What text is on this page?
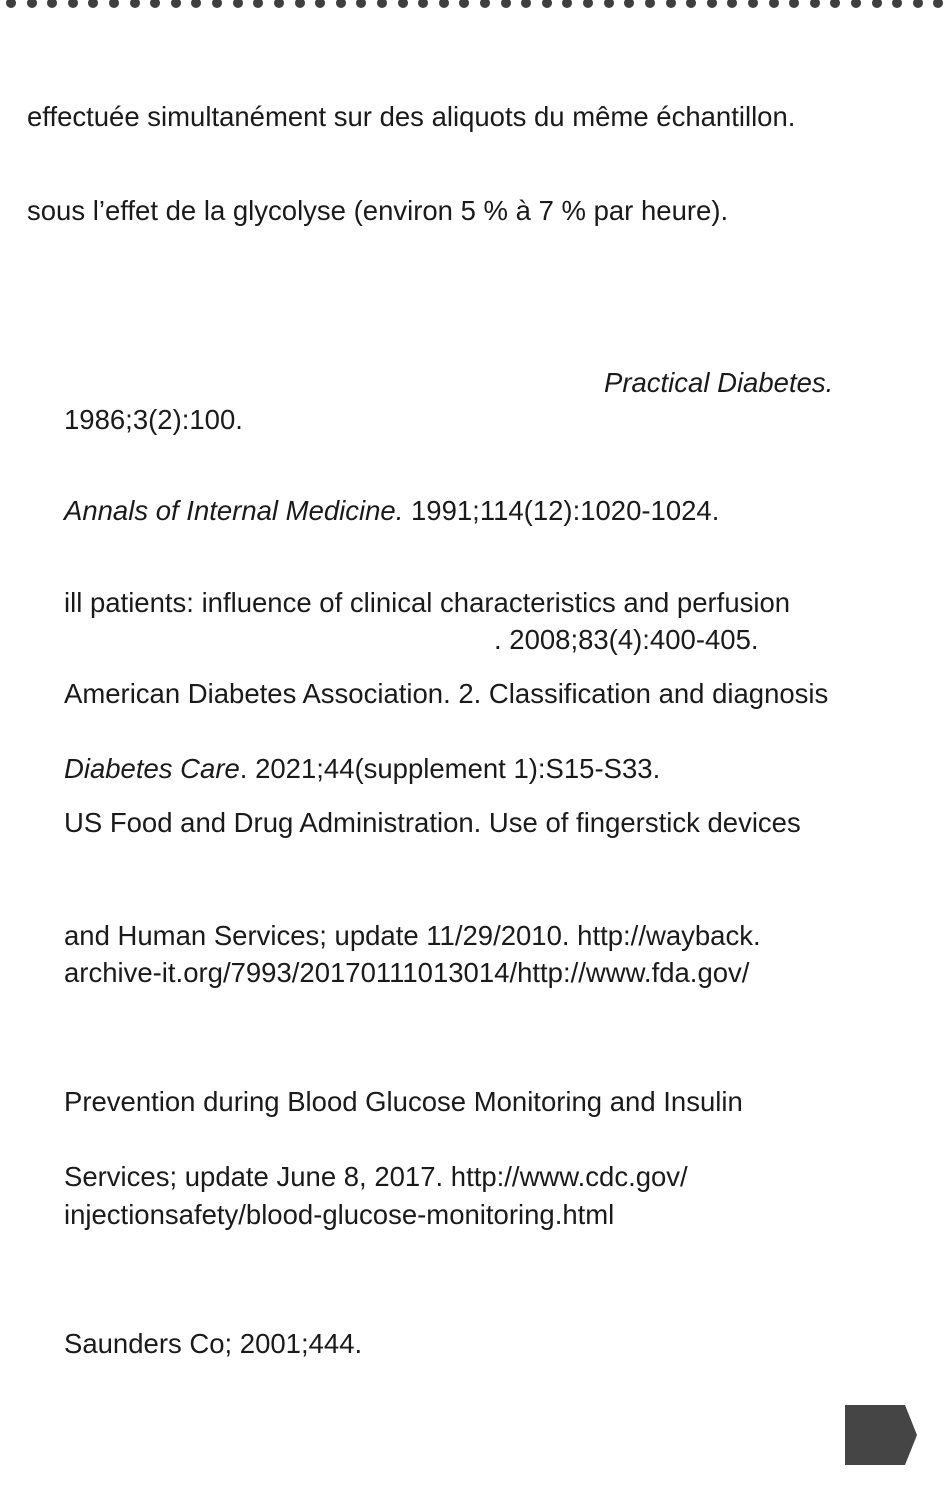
effectuée simultanément sur des aliquots du même échantillon.

sous l’effet de la glycolyse (environ 5 % à 7 % par heure).

Practical Diabetes.

1986;3(2):100.

Annals of Internal Medicine. 1991;114(12):1020-1024.

ill patients: influence of clinical characteristics and perfusion

. 2008;83(4):400-405.

American Diabetes Association. 2. Classification and diagnosis

Diabetes Care. 2021;44(supplement 1):S15-S33.

US Food and Drug Administration. Use of fingerstick devices

and Human Services; update 11/29/2010. http://wayback.

archive-it.org/7993/20170111013014/http://www.fda.gov/

Prevention during Blood Glucose Monitoring and Insulin

Services; update June 8, 2017. http://www.cdc.gov/

injectionsafety/blood-glucose-monitoring.html

Saunders Co; 2001;444.
